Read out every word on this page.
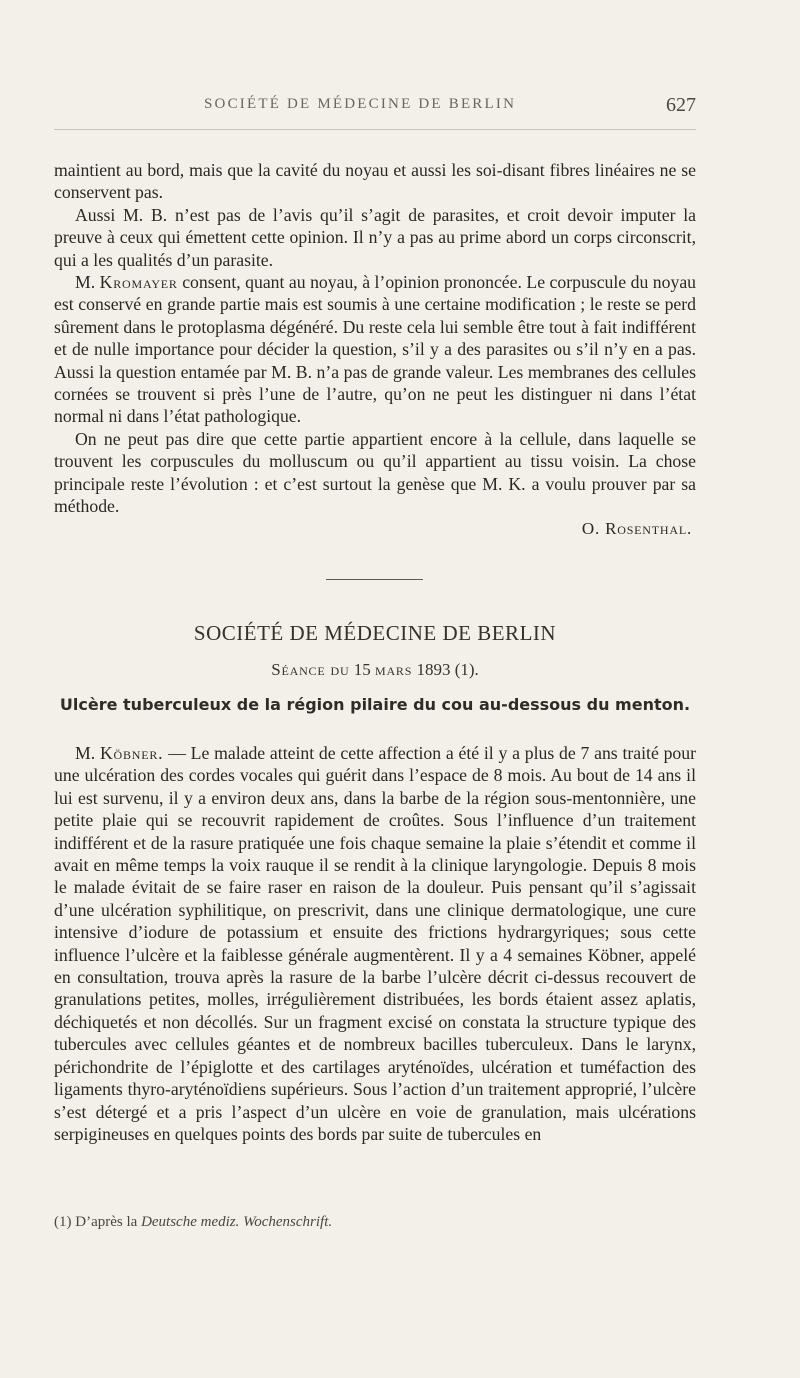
SOCIÉTÉ DE MÉDECINE DE BERLIN	627

maintient au bord, mais que la cavité du noyau et aussi les soi-disant fibres linéaires ne se conservent pas.

Aussi M. B. n’est pas de l’avis qu’il s’agit de parasites, et croit devoir imputer la preuve à ceux qui émettent cette opinion. Il n’y a pas au prime abord un corps circonscrit, qui a les qualités d’un parasite.

M. Kromayer consent, quant au noyau, à l’opinion prononcée. Le corpuscule du noyau est conservé en grande partie mais est soumis à une certaine modification ; le reste se perd sûrement dans le protoplasma dégénéré. Du reste cela lui semble être tout à fait indifférent et de nulle importance pour décider la question, s’il y a des parasites ou s’il n’y en a pas. Aussi la question entamée par M. B. n’a pas de grande valeur. Les membranes des cellules cornées se trouvent si près l’une de l’autre, qu’on ne peut les distinguer ni dans l’état normal ni dans l’état pathologique.

On ne peut pas dire que cette partie appartient encore à la cellule, dans laquelle se trouvent les corpuscules du molluscum ou qu’il appartient au tissu voisin. La chose principale reste l’évolution : et c’est surtout la genèse que M. K. a voulu prouver par sa méthode.

O. Rosenthal.

SOCIÉTÉ DE MÉDECINE DE BERLIN
Séance du 15 mars 1893 (1).
Ulcère tuberculeux de la région pilaire du cou au-dessous du menton.

M. Köbner. — Le malade atteint de cette affection a été il y a plus de 7 ans traité pour une ulcération des cordes vocales qui guérit dans l’espace de 8 mois. Au bout de 14 ans il lui est survenu, il y a environ deux ans, dans la barbe de la région sous-mentonnière, une petite plaie qui se recouvrit rapidement de croûtes. Sous l’influence d’un traitement indifférent et de la rasure pratiquée une fois chaque semaine la plaie s’étendit et comme il avait en même temps la voix rauque il se rendit à la clinique laryngologie. Depuis 8 mois le malade évitait de se faire raser en raison de la douleur. Puis pensant qu’il s’agissait d’une ulcération syphilitique, on prescrivit, dans une clinique dermatologique, une cure intensive d’iodure de potassium et ensuite des frictions hydrargyriques; sous cette influence l’ulcère et la faiblesse générale augmentèrent. Il y a 4 semaines Köbner, appelé en consultation, trouva après la rasure de la barbe l’ulcère décrit ci-dessus recouvert de granulations petites, molles, irrégulièrement distribuées, les bords étaient assez aplatis, déchiquetés et non décollés. Sur un fragment excisé on constata la structure typique des tubercules avec cellules géantes et de nombreux bacilles tuberculeux. Dans le larynx, périchondrite de l’épiglotte et des cartilages aryténoïdes, ulcération et tuméfaction des ligaments thyro-aryténoïdiens supérieurs. Sous l’action d’un traitement approprié, l’ulcère s’est détergé et a pris l’aspect d’un ulcère en voie de granulation, mais ulcérations serpigineuses en quelques points des bords par suite de tubercules en

(1) D’après la Deutsche mediz. Wochenschrift.
